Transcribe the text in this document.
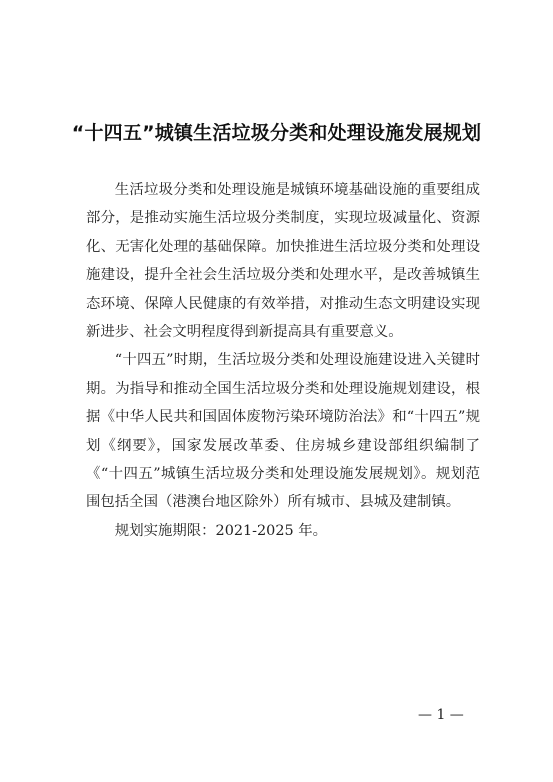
“十四五”城镇生活垃圾分类和处理设施发展规划

生活垃圾分类和处理设施是城镇环境基础设施的重要组成部分，是推动实施生活垃圾分类制度，实现垃圾减量化、资源化、无害化处理的基础保障。加快推进生活垃圾分类和处理设施建设，提升全社会生活垃圾分类和处理水平，是改善城镇生态环境、保障人民健康的有效举措，对推动生态文明建设实现新进步、社会文明程度得到新提高具有重要意义。

“十四五”时期，生活垃圾分类和处理设施建设进入关键时期。为指导和推动全国生活垃圾分类和处理设施规划建设，根据《中华人民共和国固体废物污染环境防治法》和“十四五”规划《纲要》，国家发展改革委、住房城乡建设部组织编制了《“十四五”城镇生活垃圾分类和处理设施发展规划》。规划范围包括全国（港澳台地区除外）所有城市、县城及建制镇。

规划实施期限：2021-2025 年。

— 1 —
